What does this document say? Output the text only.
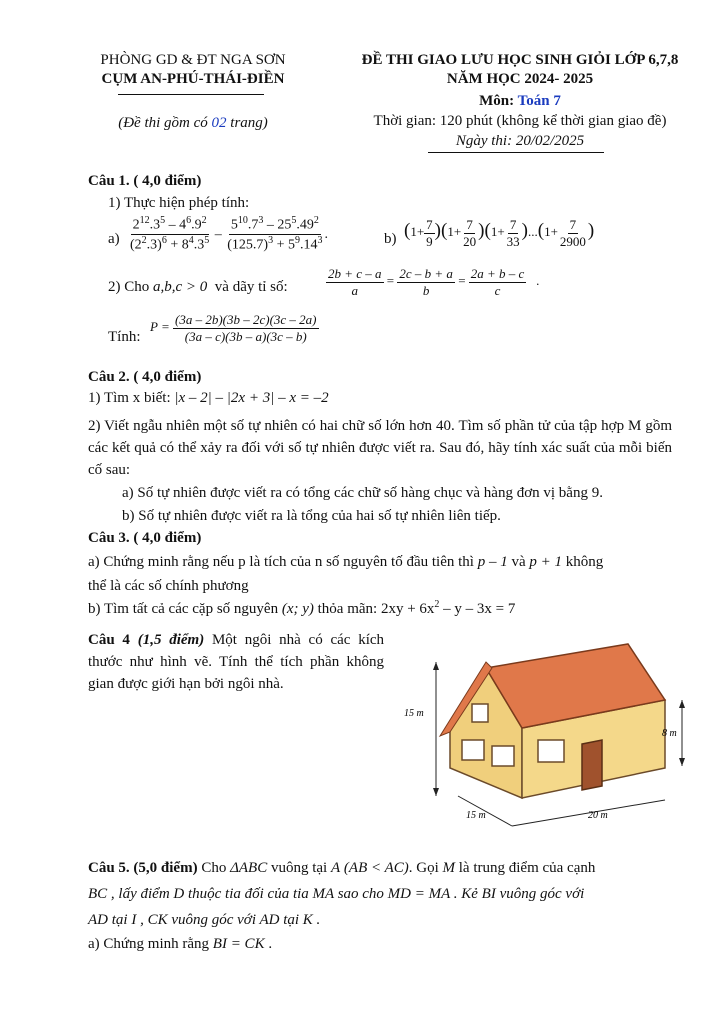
PHÒNG GD & ĐT NGA SƠN
CỤM AN-PHÚ-THÁI-ĐIỀN
(Đề thi gồm có 02 trang)
ĐỀ THI GIAO LƯU HỌC SINH GIỎI LỚP 6,7,8
NĂM HỌC 2024- 2025
Môn: Toán 7
Thời gian: 120 phút (không kể thời gian giao đề)
Ngày thi: 20/02/2025
Câu 1. ( 4,0 điểm)
1) Thực hiện phép tính:
$a) \frac{2^{12}.3^5 - 4^6.9^2}{(2^2.3)^6 + 8^4.3^5} - \frac{5^{10}.7^3 - 25^5.49^2}{(125.7)^3 + 5^9.14^3}$ .	b) $(1+ \frac{7}{9} )(1+ \frac{7}{20} )(1+ \frac{7}{33} )...(1+ \frac{7}{2900}$ )
2) Cho a,b,c > 0 và dãy tỉ số:	$\frac{2b + c - a}{a} = \frac{2c - b + a}{b} = \frac{2a + b - c}{c}$ .
Tính:
$P = \frac{(3a - 2b)(3b - 2c)(3c - 2a)}{(3a - c)(3b - a)(3c - b)}$
Câu 2. ( 4,0 điểm)
1) Tìm x biết: |x – 2| – |2x + 3| – x = –2
2) Viết ngẫu nhiên một số tự nhiên có hai chữ số lớn hơn 40. Tìm số phần tử của tập hợp M gồm các kết quả có thể xảy ra đối với số tự nhiên được viết ra. Sau đó, hãy tính xác suất của mỗi biến cố sau:
a) Số tự nhiên được viết ra có tổng các chữ số hàng chục và hàng đơn vị bằng 9.
b) Số tự nhiên được viết ra là tổng của hai số tự nhiên liên tiếp.
Câu 3. ( 4,0 điểm)
a) Chứng minh rằng nếu p là tích của n số nguyên tố đầu tiên thì p – 1 và p + 1 không
thể là các số chính phương
b) Tìm tất cả các cặp số nguyên (x; y) thỏa mãn: $2xy + 6x^2 - y - 3x = 7$
Câu 4 (1,5 điểm) Một ngôi nhà có các kích thước như hình vẽ. Tính thể tích phần không gian được giới hạn bởi ngôi nhà.
15 m
8 m
15 m	20 m
Câu 5. (5,0 điểm) Cho ΔABC vuông tại A (AB < AC). Gọi M là trung điểm của cạnh
BC , lấy điểm D thuộc tia đối của tia MA sao cho MD = MA . Kẻ BI vuông góc với
AD tại I , CK vuông góc với AD tại K .
a) Chứng minh rằng BI = CK .
